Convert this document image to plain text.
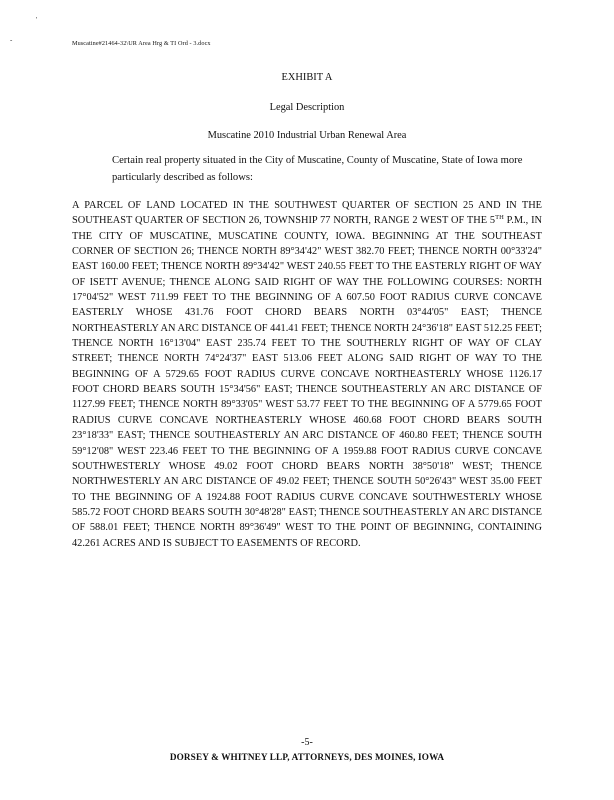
'
-	Muscatine#21464-32\UR Area Hrg & TI Ord - 3.docx
EXHIBIT A
Legal Description
Muscatine 2010 Industrial Urban Renewal Area
Certain real property situated in the City of Muscatine, County of Muscatine, State of Iowa more particularly described as follows:
A PARCEL OF LAND LOCATED IN THE SOUTHWEST QUARTER OF SECTION 25 AND IN THE SOUTHEAST QUARTER OF SECTION 26, TOWNSHIP 77 NORTH, RANGE 2 WEST OF THE 5TH P.M., IN THE CITY OF MUSCATINE, MUSCATINE COUNTY, IOWA. BEGINNING AT THE SOUTHEAST CORNER OF SECTION 26; THENCE NORTH 89°34'42" WEST 382.70 FEET; THENCE NORTH 00°33'24" EAST 160.00 FEET; THENCE NORTH 89°34'42" WEST 240.55 FEET TO THE EASTERLY RIGHT OF WAY OF ISETT AVENUE; THENCE ALONG SAID RIGHT OF WAY THE FOLLOWING COURSES: NORTH 17°04'52" WEST 711.99 FEET TO THE BEGINNING OF A 607.50 FOOT RADIUS CURVE CONCAVE EASTERLY WHOSE 431.76 FOOT CHORD BEARS NORTH 03°44'05" EAST; THENCE NORTHEASTERLY AN ARC DISTANCE OF 441.41 FEET; THENCE NORTH 24°36'18" EAST 512.25 FEET; THENCE NORTH 16°13'04" EAST 235.74 FEET TO THE SOUTHERLY RIGHT OF WAY OF CLAY STREET; THENCE NORTH 74°24'37" EAST 513.06 FEET ALONG SAID RIGHT OF WAY TO THE BEGINNING OF A 5729.65 FOOT RADIUS CURVE CONCAVE NORTHEASTERLY WHOSE 1126.17 FOOT CHORD BEARS SOUTH 15°34'56" EAST; THENCE SOUTHEASTERLY AN ARC DISTANCE OF 1127.99 FEET; THENCE NORTH 89°33'05" WEST 53.77 FEET TO THE BEGINNING OF A 5779.65 FOOT RADIUS CURVE CONCAVE NORTHEASTERLY WHOSE 460.68 FOOT CHORD BEARS SOUTH 23°18'33" EAST; THENCE SOUTHEASTERLY AN ARC DISTANCE OF 460.80 FEET; THENCE SOUTH 59°12'08" WEST 223.46 FEET TO THE BEGINNING OF A 1959.88 FOOT RADIUS CURVE CONCAVE SOUTHWESTERLY WHOSE 49.02 FOOT CHORD BEARS NORTH 38°50'18" WEST; THENCE NORTHWESTERLY AN ARC DISTANCE OF 49.02 FEET; THENCE SOUTH 50°26'43" WEST 35.00 FEET TO THE BEGINNING OF A 1924.88 FOOT RADIUS CURVE CONCAVE SOUTHWESTERLY WHOSE 585.72 FOOT CHORD BEARS SOUTH 30°48'28" EAST; THENCE SOUTHEASTERLY AN ARC DISTANCE OF 588.01 FEET; THENCE NORTH 89°36'49" WEST TO THE POINT OF BEGINNING, CONTAINING 42.261 ACRES AND IS SUBJECT TO EASEMENTS OF RECORD.
-5-
DORSEY & WHITNEY LLP, ATTORNEYS, DES MOINES, IOWA
